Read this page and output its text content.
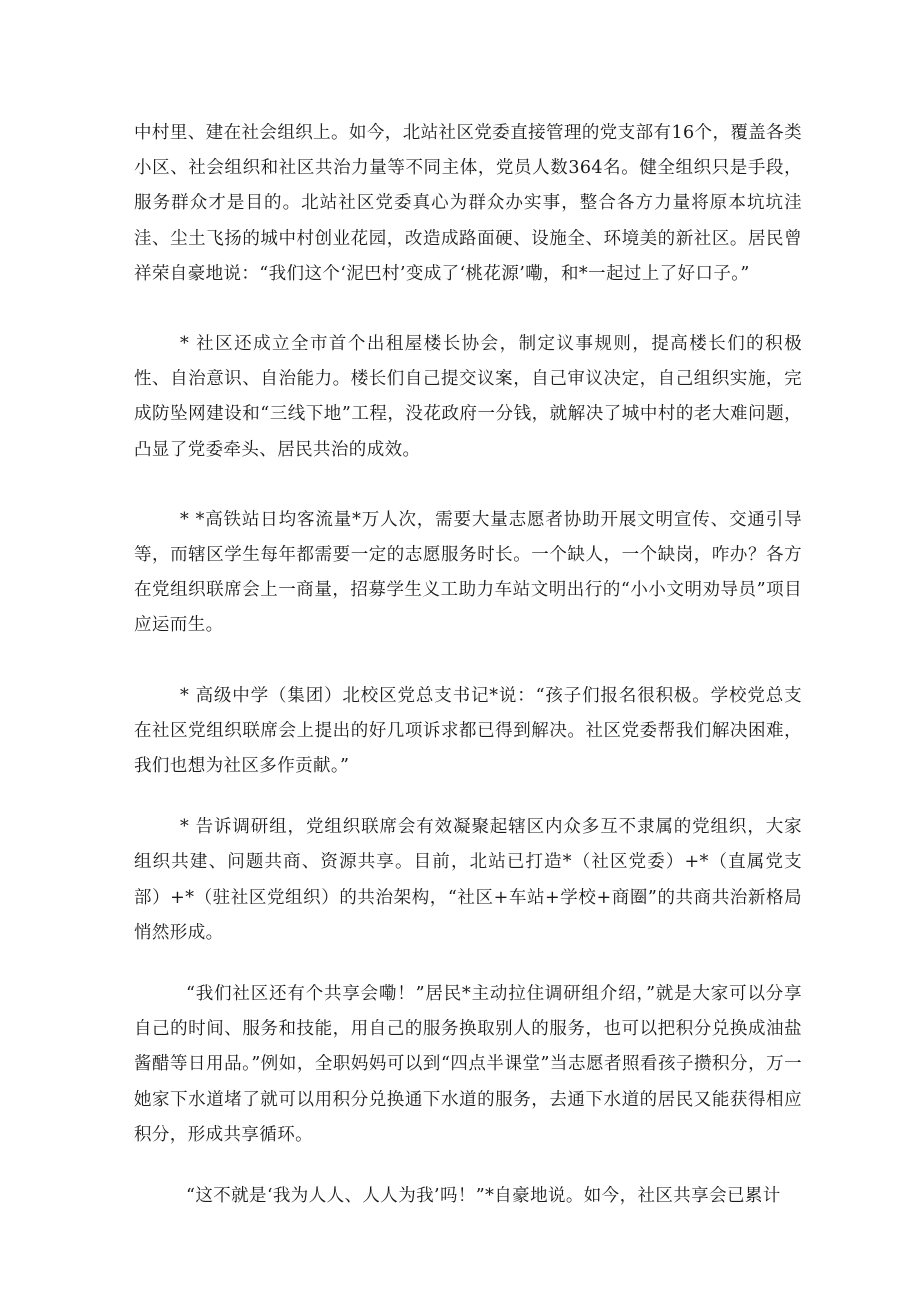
中村里、建在社会组织上。如今，北站社区党委直接管理的党支部有16个，覆盖各类小区、社会组织和社区共治力量等不同主体，党员人数364名。健全组织只是手段，服务群众才是目的。北站社区党委真心为群众办实事，整合各方力量将原本坑坑洼洼、尘土飞扬的城中村创业花园，改造成路面硬、设施全、环境美的新社区。居民曾祥荣自豪地说：“我们这个‘泥巴村’变成了‘桃花源’嘞，和*一起过上了好口子。”

* 社区还成立全市首个出租屋楼长协会，制定议事规则，提高楼长们的积极性、自治意识、自治能力。楼长们自己提交议案，自己审议决定，自己组织实施，完成防坠网建设和“三线下地”工程，没花政府一分钱，就解决了城中村的老大难问题，凸显了党委牵头、居民共治的成效。

* *高铁站日均客流量*万人次，需要大量志愿者协助开展文明宣传、交通引导等，而辖区学生每年都需要一定的志愿服务时长。一个缺人，一个缺岗，咋办？各方在党组织联席会上一商量，招募学生义工助力车站文明出行的“小小文明劝导员”项目应运而生。

* 高级中学（集团）北校区党总支书记*说：“孩子们报名很积极。学校党总支在社区党组织联席会上提出的好几项诉求都已得到解决。社区党委帮我们解决困难，我们也想为社区多作贡献。”

* 告诉调研组，党组织联席会有效凝聚起辖区内众多互不隶属的党组织，大家组织共建、问题共商、资源共享。目前，北站已打造*（社区党委）+*（直属党支部）+*（驻社区党组织）的共治架构，“社区+车站+学校+商圈”的共商共治新格局悄然形成。

“我们社区还有个共享会嘞！”居民*主动拉住调研组介绍，”就是大家可以分享自己的时间、服务和技能，用自己的服务换取别人的服务，也可以把积分兑换成油盐酱醋等日用品。”例如，全职妈妈可以到“四点半课堂”当志愿者照看孩子攒积分，万一她家下水道堵了就可以用积分兑换通下水道的服务，去通下水道的居民又能获得相应积分，形成共享循环。

“这不就是‘我为人人、人人为我’吗！”*自豪地说。如今，社区共享会已累计
